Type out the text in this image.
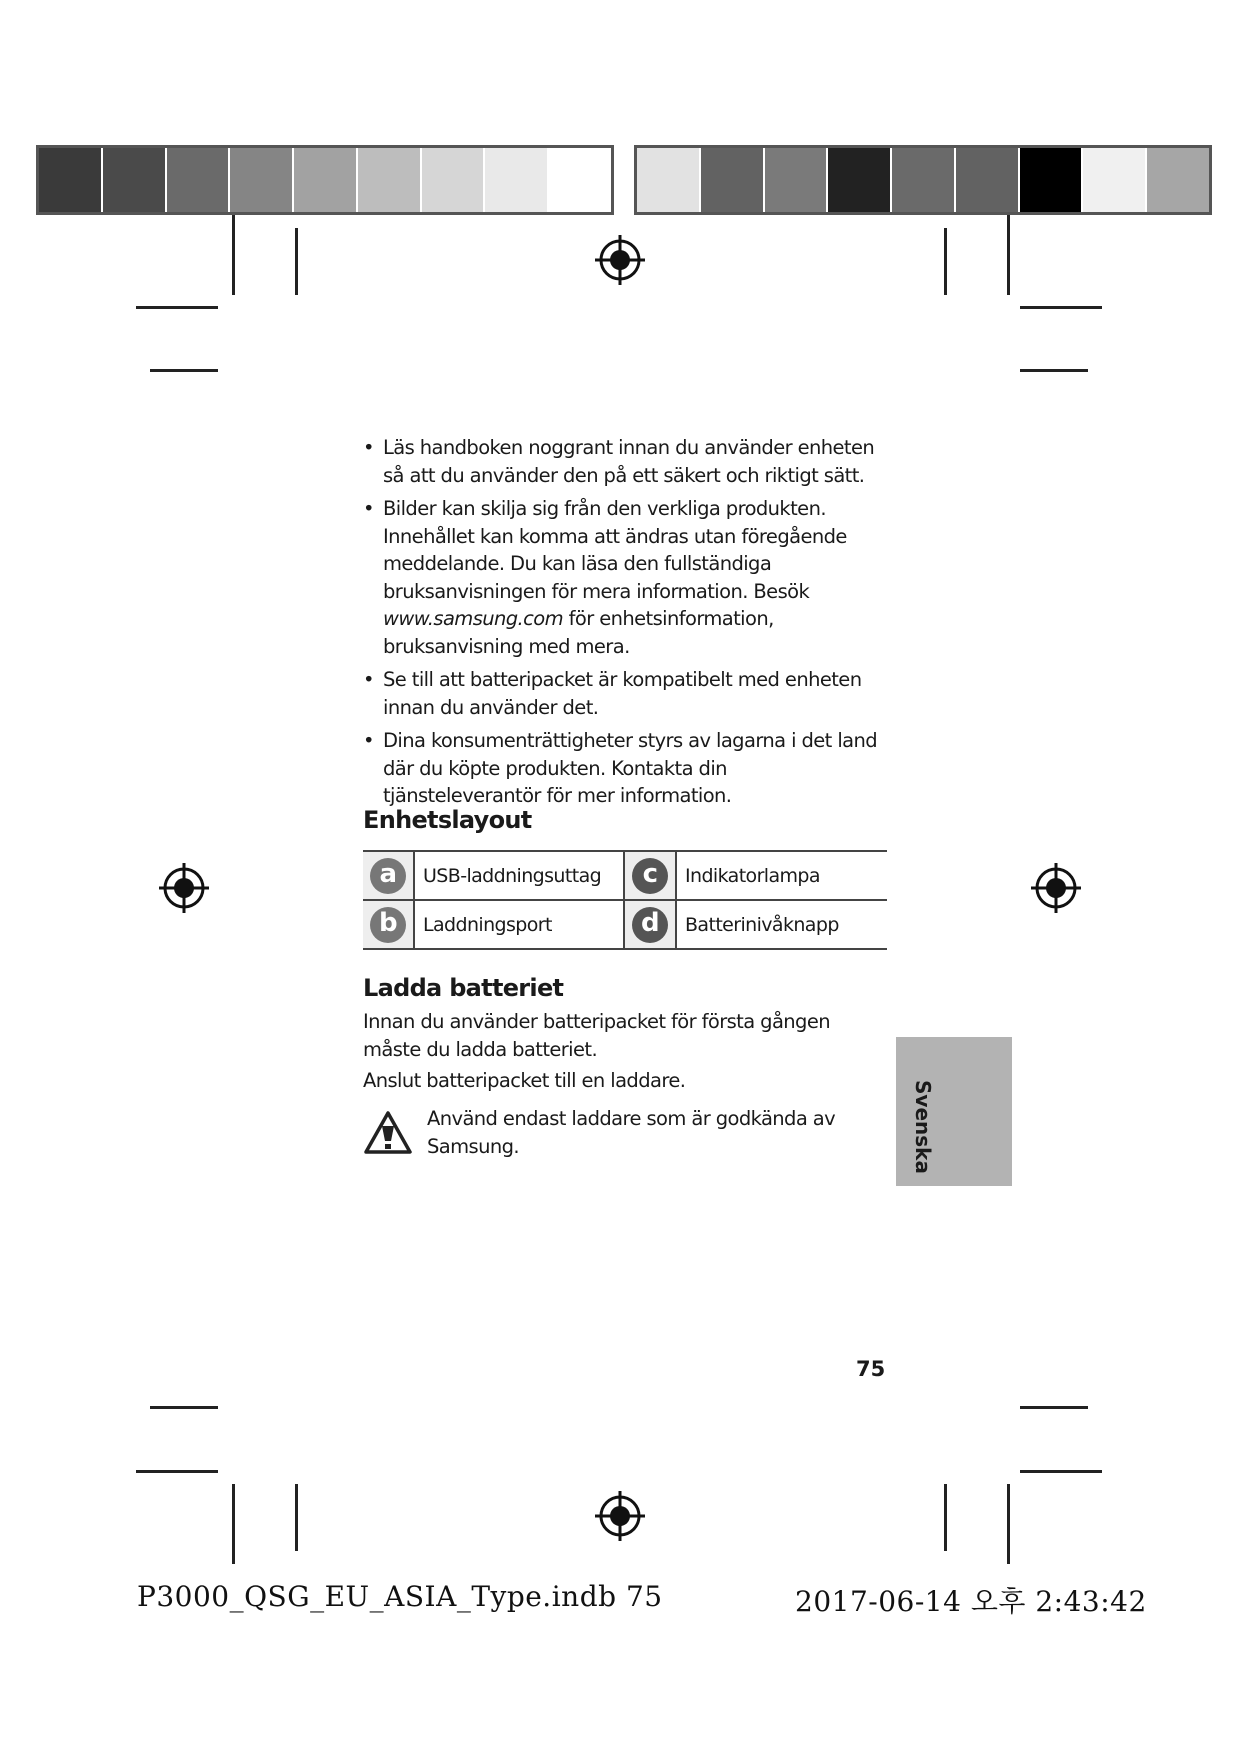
• Läs handboken noggrant innan du använder enheten så att du använder den på ett säkert och riktigt sätt.
• Bilder kan skilja sig från den verkliga produkten. Innehållet kan komma att ändras utan föregående meddelande. Du kan läsa den fullständiga bruksanvisningen för mera information. Besök www.samsung.com för enhetsinformation, bruksanvisning med mera.
• Se till att batteripacket är kompatibelt med enheten innan du använder det.
• Dina konsumenträttigheter styrs av lagarna i det land där du köpte produkten. Kontakta din tjänsteleverantör för mer information.
Enhetslayout
a	USB-laddningsuttag	c	Indikatorlampa
b	Laddningsport	d	Batterinivåknapp
Ladda batteriet

Innan du använder batteripacket för första gången måste du ladda batteriet.

Anslut batteripacket till en laddare.

Använd endast laddare som är godkända av Samsung.	Svenska
75
P3000_QSG_EU_ASIA_Type.indb 75	2017-06-14 오후 2:43:42
